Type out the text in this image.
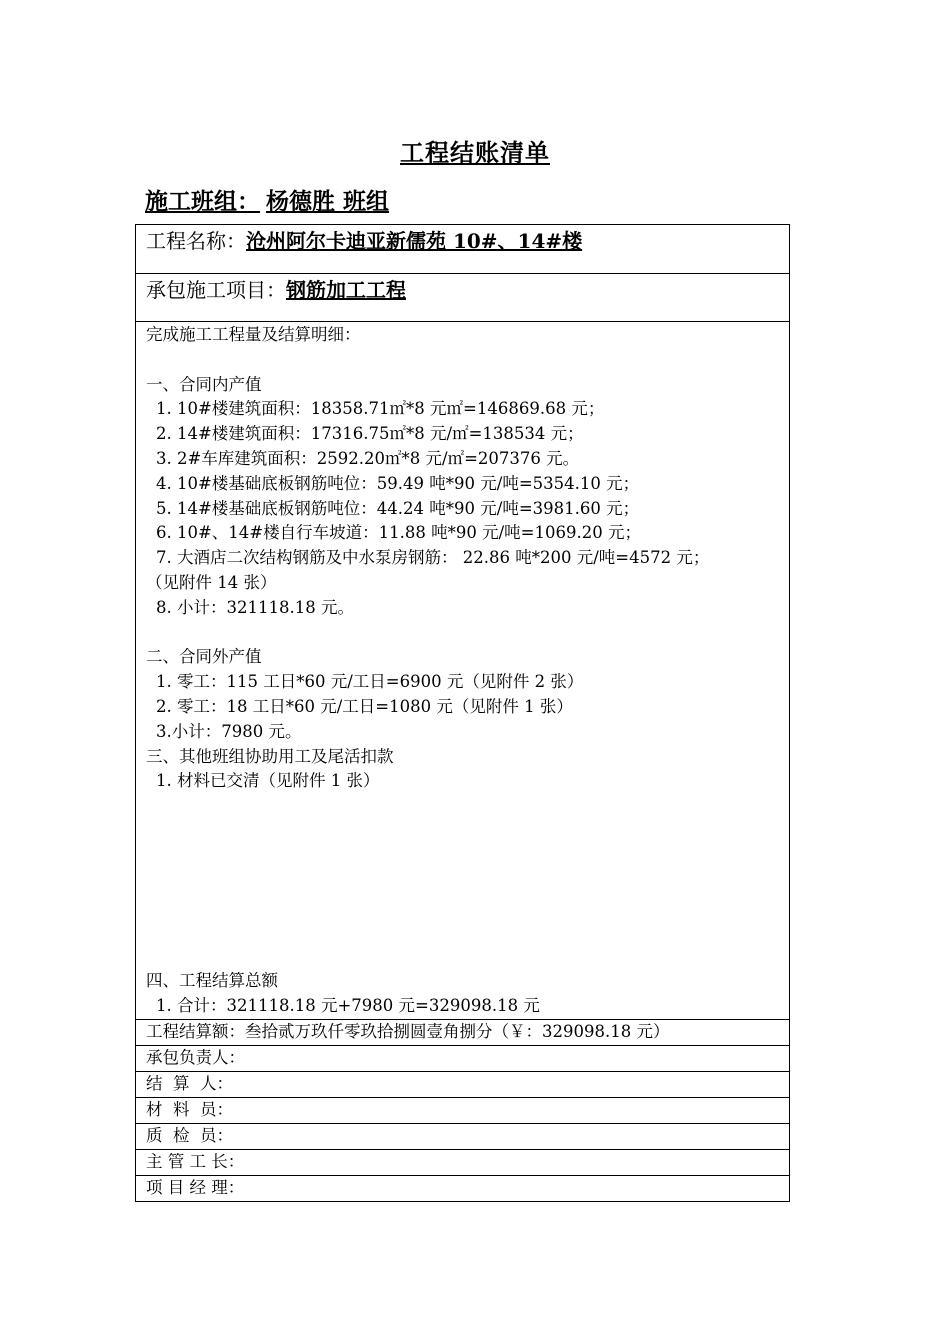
工程结账清单
施工班组： 杨德胜 班组
工程名称：沧州阿尔卡迪亚新儒苑 10#、14#楼
承包施工项目：钢筋加工工程

完成施工工程量及结算明细：
一、合同内产值
1. 10#楼建筑面积：18358.71㎡*8 元㎡=146869.68 元；
2. 14#楼建筑面积：17316.75㎡*8 元/㎡=138534 元；
3. 2#车库建筑面积：2592.20㎡*8 元/㎡=207376 元。
4. 10#楼基础底板钢筋吨位：59.49 吨*90 元/吨=5354.10 元；
5. 14#楼基础底板钢筋吨位：44.24 吨*90 元/吨=3981.60 元；
6. 10#、14#楼自行车坡道：11.88 吨*90 元/吨=1069.20 元；
7. 大酒店二次结构钢筋及中水泵房钢筋： 22.86 吨*200 元/吨=4572 元；
（见附件 14 张）
8. 小计：321118.18 元。
二、合同外产值
1. 零工：115 工日*60 元/工日=6900 元（见附件 2 张）
2. 零工：18 工日*60 元/工日=1080 元（见附件 1 张）
3.小计：7980 元。
三、其他班组协助用工及尾活扣款
1. 材料已交清（见附件 1 张）
四、工程结算总额
1. 合计：321118.18 元+7980 元=329098.18 元

工程结算额：叁拾贰万玖仟零玖拾捌圆壹角捌分（￥：329098.18 元）
承包负责人：
结  算  人：
材  料  员：
质  检  员：
主 管 工 长：
项 目 经 理：
